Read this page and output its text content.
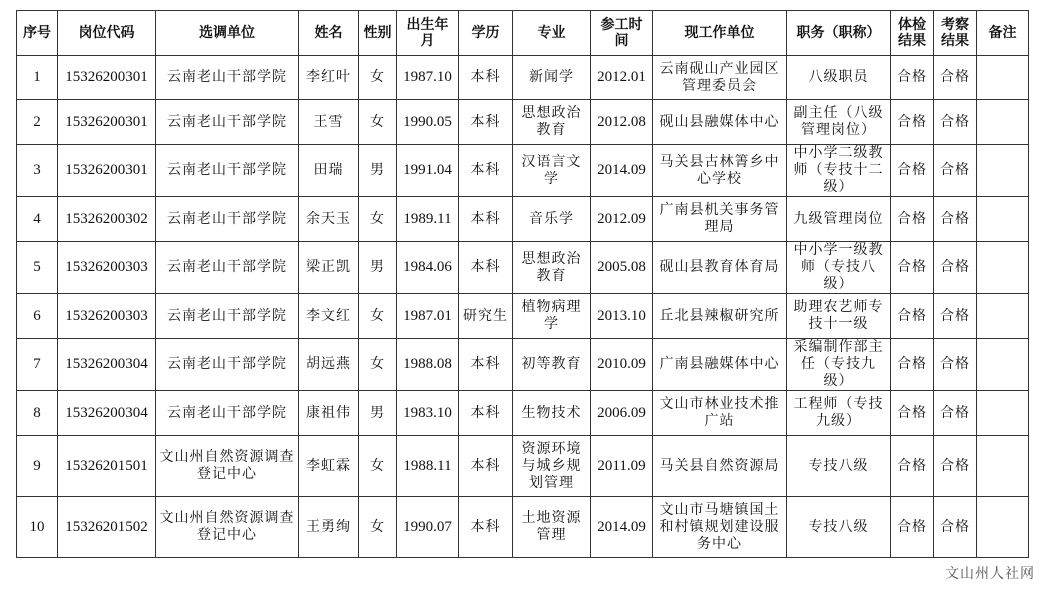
序号	岗位代码	选调单位	姓名	性别	出生年月	学历	专业	参工时间	现工作单位	职务（职称）	体检结果	考察结果	备注
1	15326200301	云南老山干部学院	李红叶	女	1987.10	本科	新闻学	2012.01	云南砚山产业园区管理委员会	八级职员	合格	合格	
2	15326200301	云南老山干部学院	王雪	女	1990.05	本科	思想政治教育	2012.08	砚山县融媒体中心	副主任（八级管理岗位）	合格	合格	
3	15326200301	云南老山干部学院	田瑞	男	1991.04	本科	汉语言文学	2014.09	马关县古林箐乡中心学校	中小学二级教师（专技十二级）	合格	合格	
4	15326200302	云南老山干部学院	余天玉	女	1989.11	本科	音乐学	2012.09	广南县机关事务管理局	九级管理岗位	合格	合格	
5	15326200303	云南老山干部学院	梁正凯	男	1984.06	本科	思想政治教育	2005.08	砚山县教育体育局	中小学一级教师（专技八级）	合格	合格	
6	15326200303	云南老山干部学院	李文红	女	1987.01	研究生	植物病理学	2013.10	丘北县辣椒研究所	助理农艺师专技十一级	合格	合格	
7	15326200304	云南老山干部学院	胡远燕	女	1988.08	本科	初等教育	2010.09	广南县融媒体中心	采编制作部主任（专技九级）	合格	合格	
8	15326200304	云南老山干部学院	康祖伟	男	1983.10	本科	生物技术	2006.09	文山市林业技术推广站	工程师（专技九级）	合格	合格	
9	15326201501	文山州自然资源调查登记中心	李虹霖	女	1988.11	本科	资源环境与城乡规划管理	2011.09	马关县自然资源局	专技八级	合格	合格	
10	15326201502	文山州自然资源调查登记中心	王勇绚	女	1990.07	本科	土地资源管理	2014.09	文山市马塘镇国土和村镇规划建设服务中心	专技八级	合格	合格	
文山州人社网
